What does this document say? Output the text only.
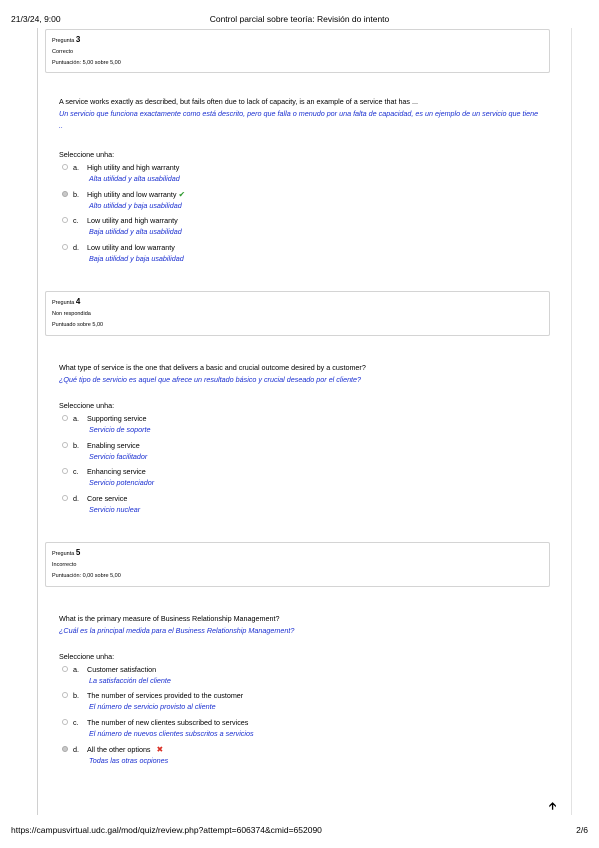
21/3/24, 9:00	Control parcial sobre teoría: Revisión do intento
Pregunta 3
Correcto
Puntuación: 5,00 sobre 5,00
A service works exactly as described, but fails often due to lack of capacity, is an example of a service that has ...
Un servicio que funciona exactamente como está descrito, pero que falla o menudo por una falta de capacidad, es un ejemplo de un servicio que tiene ..
Seleccione unha:
a. High utility and high warranty
Alta utilidad y alta usabilidad
b. High utility and low warranty ✔
Alto utilidad y baja usabilidad
c. Low utility and high warranty
Baja utilidad y alta usabilidad
d. Low utility and low warranty
Baja utilidad y baja usabilidad
Pregunta 4
Non respondida
Puntuado sobre 5,00
What type of service is the one that delivers a basic and crucial outcome desired by a customer?
¿Qué tipo de servicio es aquel que afrece un resultado básico y crucial deseado por el cliente?
Seleccione unha:
a. Supporting service
Servicio de soporte
b. Enabling service
Servicio facilitador
c. Enhancing service
Servicio potenciador
d. Core service
Servicio nuclear
Pregunta 5
Incorrecto
Puntuación: 0,00 sobre 5,00
What is the primary measure of Business Relationship Management?
¿Cuál es la principal medida para el Business Relationship Management?
Seleccione unha:
a. Customer satisfaction
La satisfacción del cliente
b. The number of services provided to the customer
El número de servicio provisto al cliente
c. The number of new clientes subscribed to services
El número de nuevos clientes subscritos a servicios
d. All the other options ✖
Todas las otras ocpiones
🡩
https://campusvirtual.udc.gal/mod/quiz/review.php?attempt=606374&cmid=652090	2/6
